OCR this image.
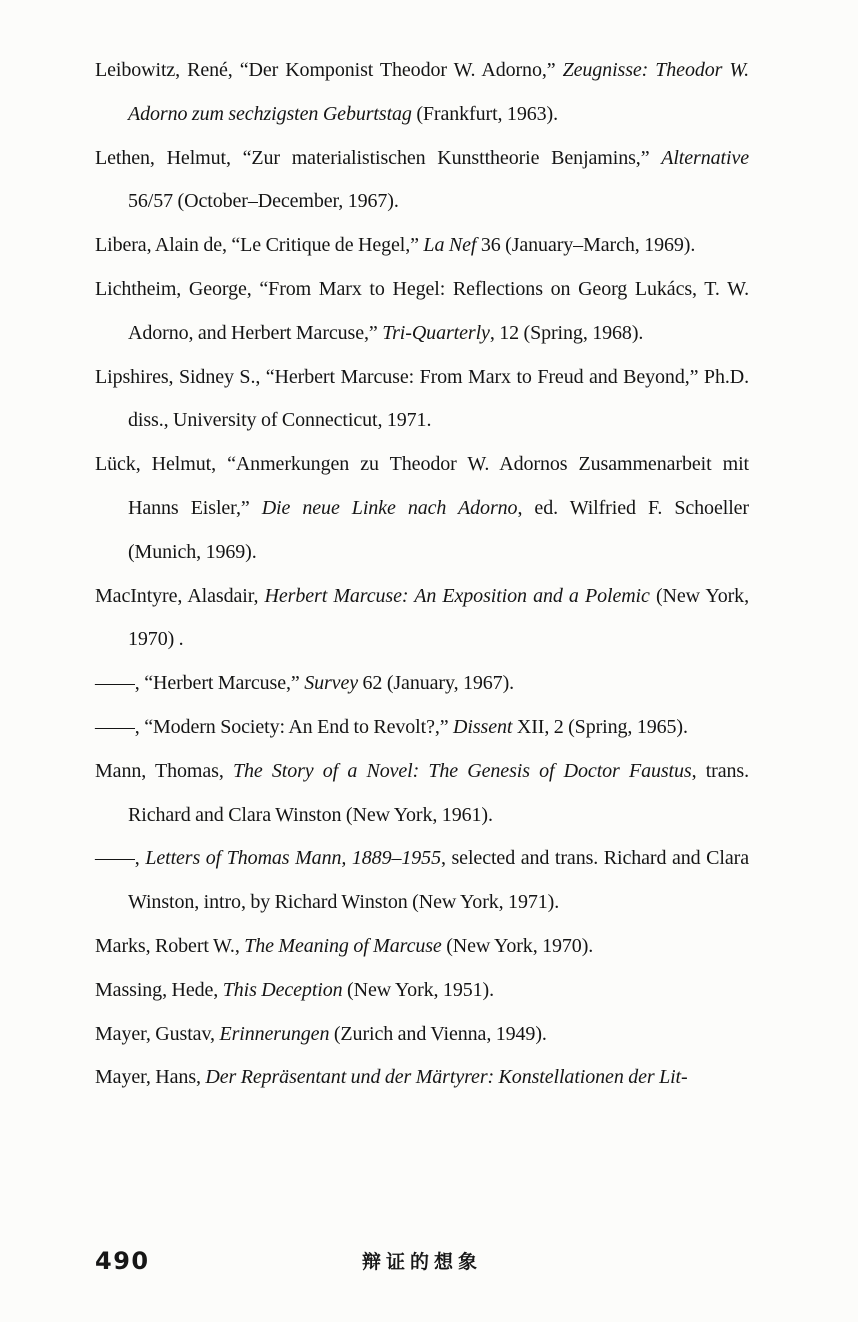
Leibowitz, René, “Der Komponist Theodor W. Adorno,” Zeugnisse: Theodor W. Adorno zum sechzigsten Geburtstag (Frankfurt, 1963).

Lethen, Helmut, “Zur materialistischen Kunsttheorie Benjamins,” Alternative 56/57 (October–December, 1967).

Libera, Alain de, “Le Critique de Hegel,” La Nef 36 (January–March, 1969).

Lichtheim, George, “From Marx to Hegel: Reflections on Georg Lukács, T. W. Adorno, and Herbert Marcuse,” Tri-Quarterly, 12 (Spring, 1968).

Lipshires, Sidney S., “Herbert Marcuse: From Marx to Freud and Beyond,” Ph.D. diss., University of Connecticut, 1971.

Lück, Helmut, “Anmerkungen zu Theodor W. Adornos Zusammenarbeit mit Hanns Eisler,” Die neue Linke nach Adorno, ed. Wilfried F. Schoeller (Munich, 1969).

MacIntyre, Alasdair, Herbert Marcuse: An Exposition and a Polemic (New York, 1970) .

——, “Herbert Marcuse,” Survey 62 (January, 1967).

——, “Modern Society: An End to Revolt?,” Dissent XII, 2 (Spring, 1965).

Mann, Thomas, The Story of a Novel: The Genesis of Doctor Faustus, trans. Richard and Clara Winston (New York, 1961).

——, Letters of Thomas Mann, 1889–1955, selected and trans. Richard and Clara Winston, intro, by Richard Winston (New York, 1971).

Marks, Robert W., The Meaning of Marcuse (New York, 1970).

Massing, Hede, This Deception (New York, 1951).

Mayer, Gustav, Erinnerungen (Zurich and Vienna, 1949).

Mayer, Hans, Der Repräsentant und der Märtyrer: Konstellationen der Lit-

490	辩证的想象
